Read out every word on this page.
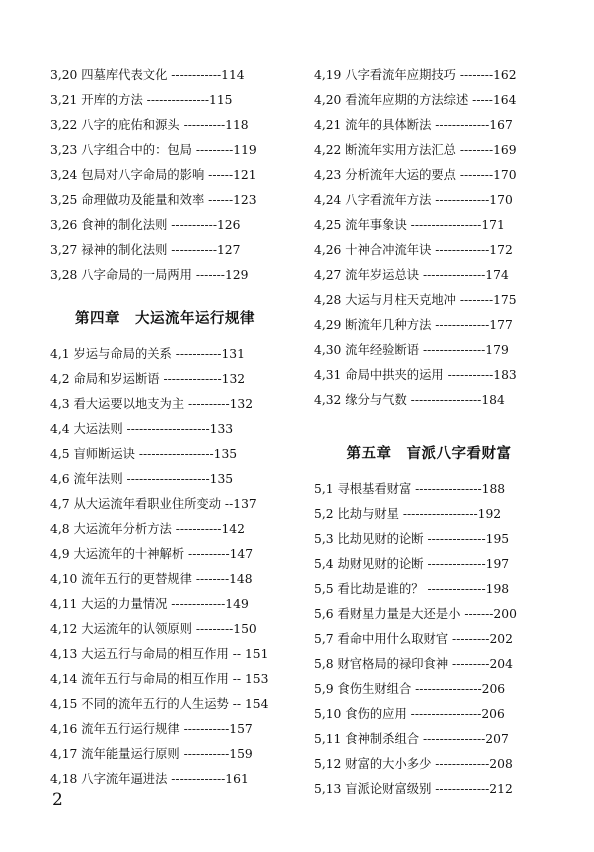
3,20 四墓库代表文化 ------------114
3,21 开库的方法 ---------------115
3,22 八字的庇佑和源头 ----------118
3,23 八字组合中的：包局 ---------119
3,24 包局对八字命局的影响 ------121
3,25 命理做功及能量和效率 ------123
3,26 食神的制化法则 -----------126
3,27 禄神的制化法则 -----------127
3,28 八字命局的一局两用 -------129
第四章　大运流年运行规律
4,1 岁运与命局的关系 -----------131
4,2 命局和岁运断语 --------------132
4,3 看大运要以地支为主 ----------132
4,4 大运法则 --------------------133
4,5 盲师断运诀 ------------------135
4,6 流年法则 --------------------135
4,7 从大运流年看职业住所变动 --137
4,8 大运流年分析方法 -----------142
4,9 大运流年的十神解析 ----------147
4,10 流年五行的更替规律 --------148
4,11 大运的力量情况 -------------149
4,12 大运流年的认领原则 ---------150
4,13 大运五行与命局的相互作用 -- 151
4,14 流年五行与命局的相互作用 -- 153
4,15 不同的流年五行的人生运势 -- 154
4,16 流年五行运行规律 -----------157
4,17 流年能量运行原则 -----------159
4,18 八字流年逼进法 -------------161
4,19 八字看流年应期技巧 --------162
4,20 看流年应期的方法综述 -----164
4,21 流年的具体断法 -------------167
4,22 断流年实用方法汇总 --------169
4,23 分析流年大运的要点 --------170
4,24 八字看流年方法 -------------170
4,25 流年事象诀 -----------------171
4,26 十神合冲流年诀 -------------172
4,27 流年岁运总诀 ---------------174
4,28 大运与月柱天克地冲 --------175
4,29 断流年几种方法 -------------177
4,30 流年经验断语 ---------------179
4,31 命局中拱夹的运用 -----------183
4,32 缘分与气数 -----------------184
第五章　盲派八字看财富
5,1 寻根基看财富 ----------------188
5,2 比劫与财星 ------------------192
5,3 比劫见财的论断 --------------195
5,4 劫财见财的论断 --------------197
5,5 看比劫是谁的？ --------------198
5,6 看财星力量是大还是小 -------200
5,7 看命中用什么取财官 ---------202
5,8 财官格局的禄印食神 ---------204
5,9 食伤生财组合 ----------------206
5,10 食伤的应用 -----------------206
5,11 食神制杀组合 ---------------207
5,12 财富的大小多少 -------------208
5,13 盲派论财富级别 -------------212
2
